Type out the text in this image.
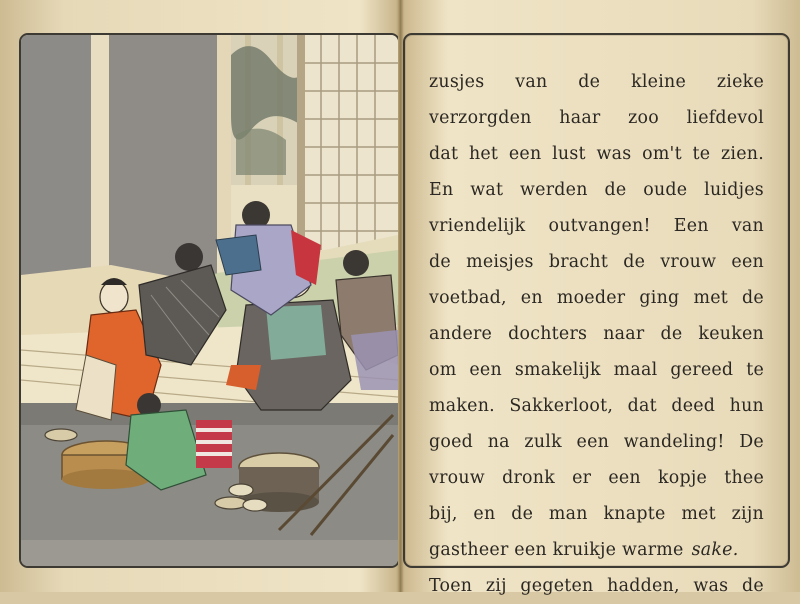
zusjes van de kleine zieke
verzorgden haar zoo liefdevol
dat het een lust was om't te zien.
En wat werden de oude luidjes
vriendelijk outvangen! Een van
de meisjes bracht de vrouw een
voetbad, en moeder ging met de
andere dochters naar de keuken
om een smakelijk maal gereed te
maken. Sakkerloot, dat deed hun
goed na zulk een wandeling! De
vrouw dronk er een kopje thee
bij, en de man knapte met zijn
gastheer een kruikje warme sake.
Toen zij gegeten hadden, was de
